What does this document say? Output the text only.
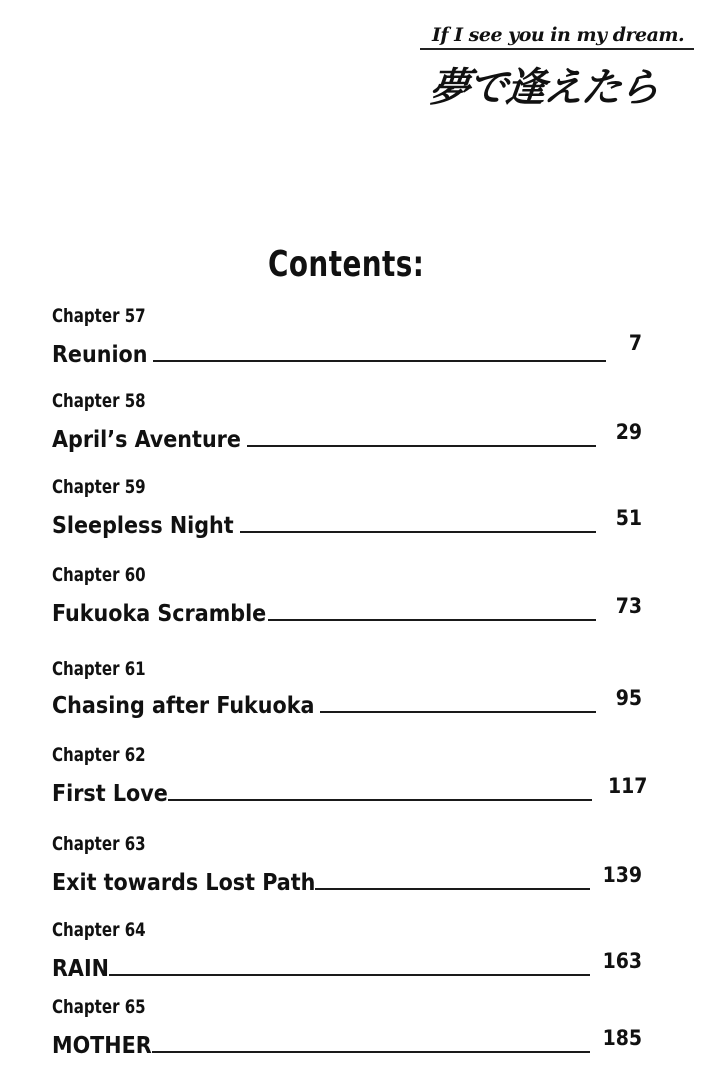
If I see you in my dream.
夢で逢えたら
Contents:
Chapter 57
Reunion	7
Chapter 58
April’s Aventure	29
Chapter 59
Sleepless Night	51
Chapter 60
Fukuoka Scramble	73
Chapter 61
Chasing after Fukuoka	95
Chapter 62
First Love	117
Chapter 63
Exit towards Lost Path	139
Chapter 64
RAIN	163
Chapter 65
MOTHER	185
